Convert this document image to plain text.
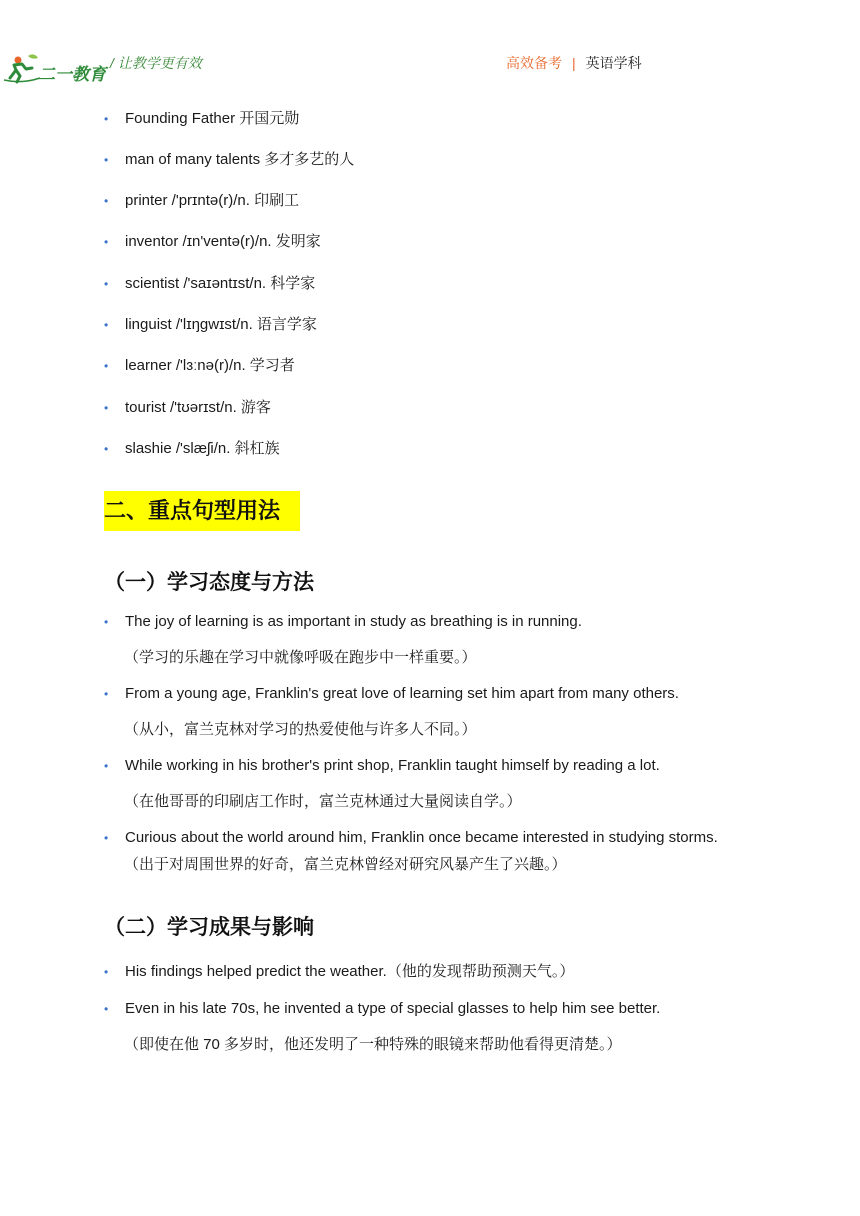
二一教育
/ 让教学更有效	高效备考 | 英语学科
• Founding Father 开国元勋
• man of many talents 多才多艺的人
• printer /'prɪntə(r)/n. 印刷工
• inventor /ɪn'ventə(r)/n. 发明家
• scientist /'saɪəntɪst/n. 科学家
• linguist /'lɪŋgwɪst/n. 语言学家
• learner /'lɜːnə(r)/n. 学习者
• tourist /'tʊərɪst/n. 游客
• slashie /'slæʃi/n. 斜杠族
二、重点句型用法
（一）学习态度与方法
• The joy of learning is as important in study as breathing is in running.
（学习的乐趣在学习中就像呼吸在跑步中一样重要。）
• From a young age, Franklin's great love of learning set him apart from many others.
（从小，富兰克林对学习的热爱使他与许多人不同。）
• While working in his brother's print shop, Franklin taught himself by reading a lot.
（在他哥哥的印刷店工作时，富兰克林通过大量阅读自学。）
• Curious about the world around him, Franklin once became interested in studying storms.
（出于对周围世界的好奇，富兰克林曾经对研究风暴产生了兴趣。）
（二）学习成果与影响
• His findings helped predict the weather.（他的发现帮助预测天气。）
• Even in his late 70s, he invented a type of special glasses to help him see better.
（即使在他 70 多岁时，他还发明了一种特殊的眼镜来帮助他看得更清楚。）
